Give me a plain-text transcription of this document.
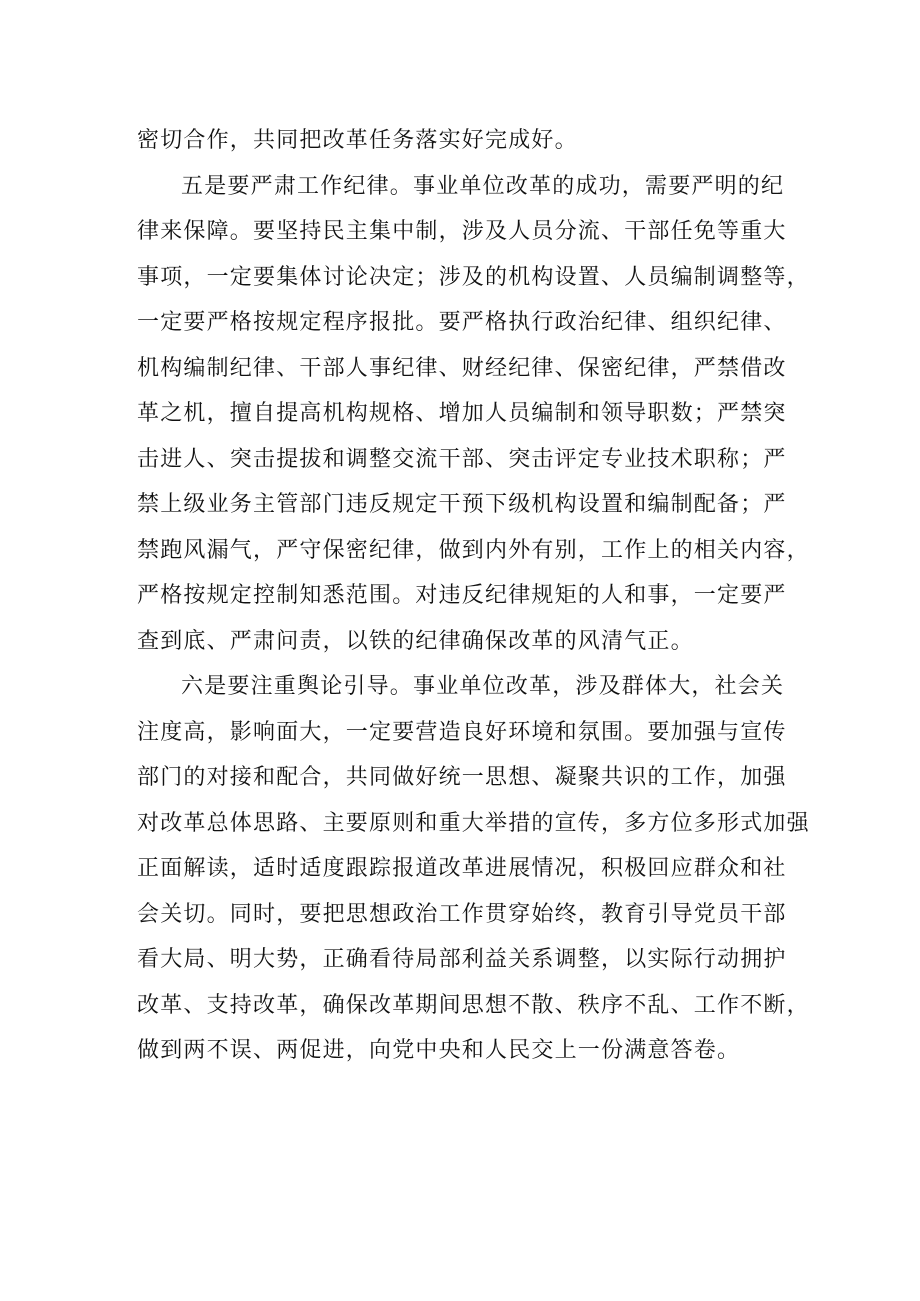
密切合作，共同把改革任务落实好完成好。
五是要严肃工作纪律。事业单位改革的成功，需要严明的纪
律来保障。要坚持民主集中制，涉及人员分流、干部任免等重大
事项，一定要集体讨论决定；涉及的机构设置、人员编制调整等，
一定要严格按规定程序报批。要严格执行政治纪律、组织纪律、
机构编制纪律、干部人事纪律、财经纪律、保密纪律，严禁借改
革之机，擅自提高机构规格、增加人员编制和领导职数；严禁突
击进人、突击提拔和调整交流干部、突击评定专业技术职称；严
禁上级业务主管部门违反规定干预下级机构设置和编制配备；严
禁跑风漏气，严守保密纪律，做到内外有别，工作上的相关内容，
严格按规定控制知悉范围。对违反纪律规矩的人和事，一定要严
查到底、严肃问责，以铁的纪律确保改革的风清气正。
六是要注重舆论引导。事业单位改革，涉及群体大，社会关
注度高，影响面大，一定要营造良好环境和氛围。要加强与宣传
部门的对接和配合，共同做好统一思想、凝聚共识的工作，加强
对改革总体思路、主要原则和重大举措的宣传，多方位多形式加强
正面解读，适时适度跟踪报道改革进展情况，积极回应群众和社
会关切。同时，要把思想政治工作贯穿始终，教育引导党员干部
看大局、明大势，正确看待局部利益关系调整，以实际行动拥护
改革、支持改革，确保改革期间思想不散、秩序不乱、工作不断，
做到两不误、两促进，向党中央和人民交上一份满意答卷。
